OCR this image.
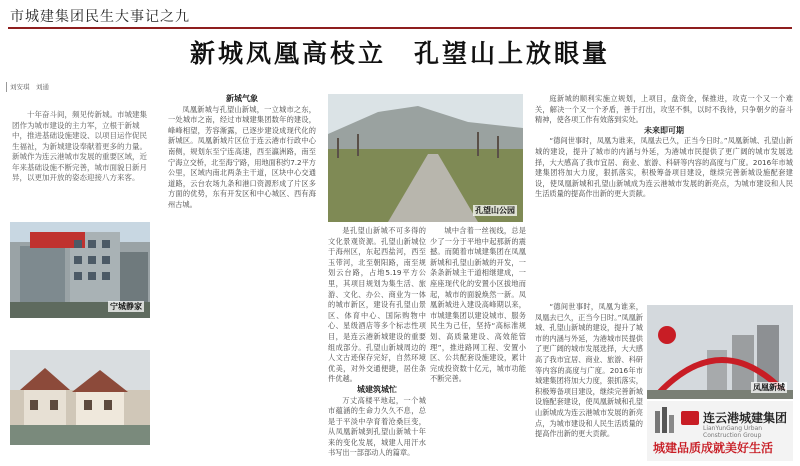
市城建集团民生大事记之九
新城凤凰高枝立　孔望山上放眼量
刘安琪　刘通

十年奋斗间，频见传新城。市城建集团作为城市建设的主力军，立根于新城中，推进基础设施建设、以项目运作促民生福祉，为新城建设奉献着更多的力量。新城作为连云港城市发展的重要区域，近年来基础设施不断完善，城市面貌日新月异，以更加开放的姿态迎接八方来客。

宁城静家

新城气象

凤凰新城与孔望山新城，一立城市之东，一处城市之南，经过市城建集团数年的建设，峰峰相望，芳容渐露，已逐步建设成现代化的新城区。凤凰新城片区位于连云港市行政中心南侧，规划东至宁连高速，西至瀛洲路，南至宁海立交桥，北至海宁路，用地面积约7.2平方公里，区域内南北两条主干道，区块中心交通道路，云台农场九条和港口资源形成了片区多方面的优势，东有开发区和中心城区、西有海州古城。

孔望山公园

是孔望山新城不可多得的文化景观资源。孔望山新城位于海州区，东起西盐河，西至玉带河，北至朝阳路，南至规划云台路，占地5.19平方公里，其项目规划为集生活、旅游、文化、办公、商业为一体的城市新区，建设有孔望山景区、体育中心、国际购物中心、星级酒店等多个标志性项目，是连云港新城建设的重要组成部分。孔望山新城周边的人文古迹保存完好，自然环境优美，对外交通便捷，居住条件优越。

城建筑城忙

万丈高楼平地起，一个城市蕴涵的生命力久久不息，总是于平淡中孕育着沧桑巨变，从凤凰新城到孔望山新城十年来的变化发展，城建人用汗水书写出一部部动人的篇章。

城中含着一丝视线，总是少了一分于平地中起那新的震撼。而随着市城建集团在凤凰新城和孔望山新城的开发，一条条新城主干道相继建成，一座座现代化的安置小区拔地而起，城市的面貌焕然一新。凤凰新城进入建设高峰期以来，市城建集团以建设城市、服务民生为己任，坚持“高标准规划、高质量建设、高效能管理”，推进路网工程、安置小区、公共配套设施建设，累计完成投资数十亿元，城市功能不断完善。

庭新城的顺利实施立规划，上项目，盘资金，保推进，攻克一个又一个难关，解决一个又一个矛盾，善于打出，攻坚不惧，以时不我待，只争朝夕的奋斗精神，使各项工作有效落到实处。

未来即可期

“德间世事时，凤凰为谁来，凤凰去已久，正当今日时。”凤凰新城、孔望山新城的建设，提升了城市的内涵与外延，为港城市民提供了更广阔的城市发展选择，大大感高了我市宜居、商业、旅游、科研等内容的高度与广度。2016年市城建集团将加大力度，狠抓落实，积极筹备项目建设，继续完善新城设施配套建设，使凤凰新城和孔望山新城成为连云港城市发展的新亮点，为城市建设和人民生活质量的提高作出新的更大贡献。

“德间世事时，凤凰为谁来，凤凰去已久，正当今日时。”凤凰新城、孔望山新城的建设，提升了城市的内涵与外延，为港城市民提供了更广阔的城市发展选择，大大感高了我市宜居、商业、旅游、科研等内容的高度与广度。2016年市城建集团将加大力度，狠抓落实，积极筹备项目建设，继续完善新城设施配套建设，使凤凰新城和孔望山新城成为连云港城市发展的新亮点，为城市建设和人民生活质量的提高作出新的更大贡献。

凤凰新城
连云港城建集团
LianYunGang Urban Construction Group
城建品质成就美好生活
